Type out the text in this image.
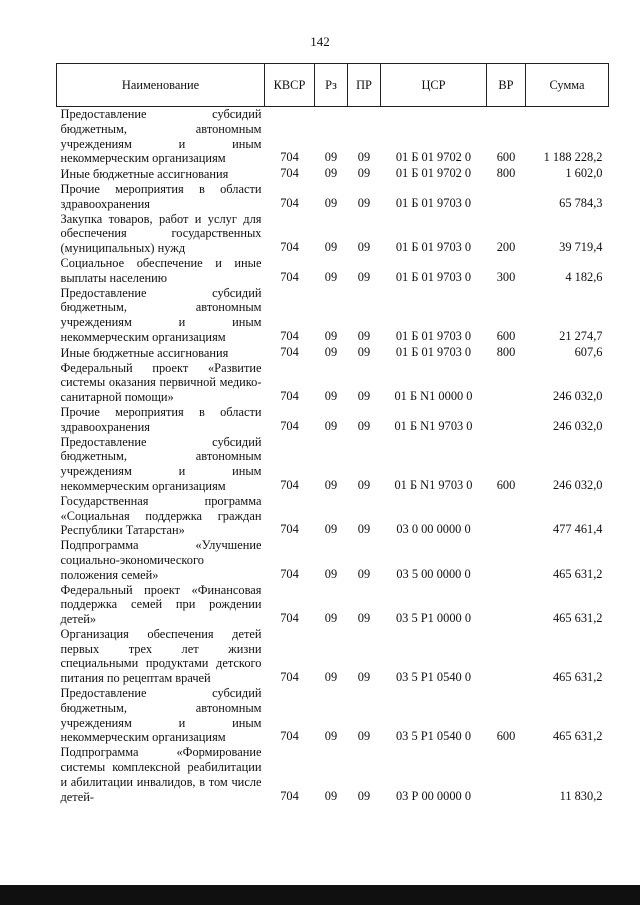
142
Наименование	КВСР	Рз	ПР	ЦСР	ВР	Сумма
Предоставление субсидий бюджетным, автономным учреждениям и иным некоммерческим организациям	704	09	09	01 Б 01 9702 0	600	1 188 228,2
Иные бюджетные ассигнования	704	09	09	01 Б 01 9702 0	800	1 602,0
Прочие мероприятия в области здравоохранения	704	09	09	01 Б 01 9703 0		65 784,3
Закупка товаров, работ и услуг для обеспечения государственных (муниципальных) нужд	704	09	09	01 Б 01 9703 0	200	39 719,4
Социальное обеспечение и иные выплаты населению	704	09	09	01 Б 01 9703 0	300	4 182,6
Предоставление субсидий бюджетным, автономным учреждениям и иным некоммерческим организациям	704	09	09	01 Б 01 9703 0	600	21 274,7
Иные бюджетные ассигнования	704	09	09	01 Б 01 9703 0	800	607,6
Федеральный проект «Развитие системы оказания первичной медико-санитарной помощи»	704	09	09	01 Б N1 0000 0		246 032,0
Прочие мероприятия в области здравоохранения	704	09	09	01 Б N1 9703 0		246 032,0
Предоставление субсидий бюджетным, автономным учреждениям и иным некоммерческим организациям	704	09	09	01 Б N1 9703 0	600	246 032,0
Государственная программа «Социальная поддержка граждан Республики Татарстан»	704	09	09	03 0 00 0000 0		477 461,4
Подпрограмма «Улучшение социально-экономического положения семей»	704	09	09	03 5 00 0000 0		465 631,2
Федеральный проект «Финансовая поддержка семей при рождении детей»	704	09	09	03 5 P1 0000 0		465 631,2
Организация обеспечения детей первых трех лет жизни специальными продуктами детского питания по рецептам врачей	704	09	09	03 5 P1 0540 0		465 631,2
Предоставление субсидий бюджетным, автономным учреждениям и иным некоммерческим организациям	704	09	09	03 5 P1 0540 0	600	465 631,2
Подпрограмма «Формирование системы комплексной реабилитации и абилитации инвалидов, в том числе детей-	704	09	09	03 Р 00 0000 0		11 830,2
